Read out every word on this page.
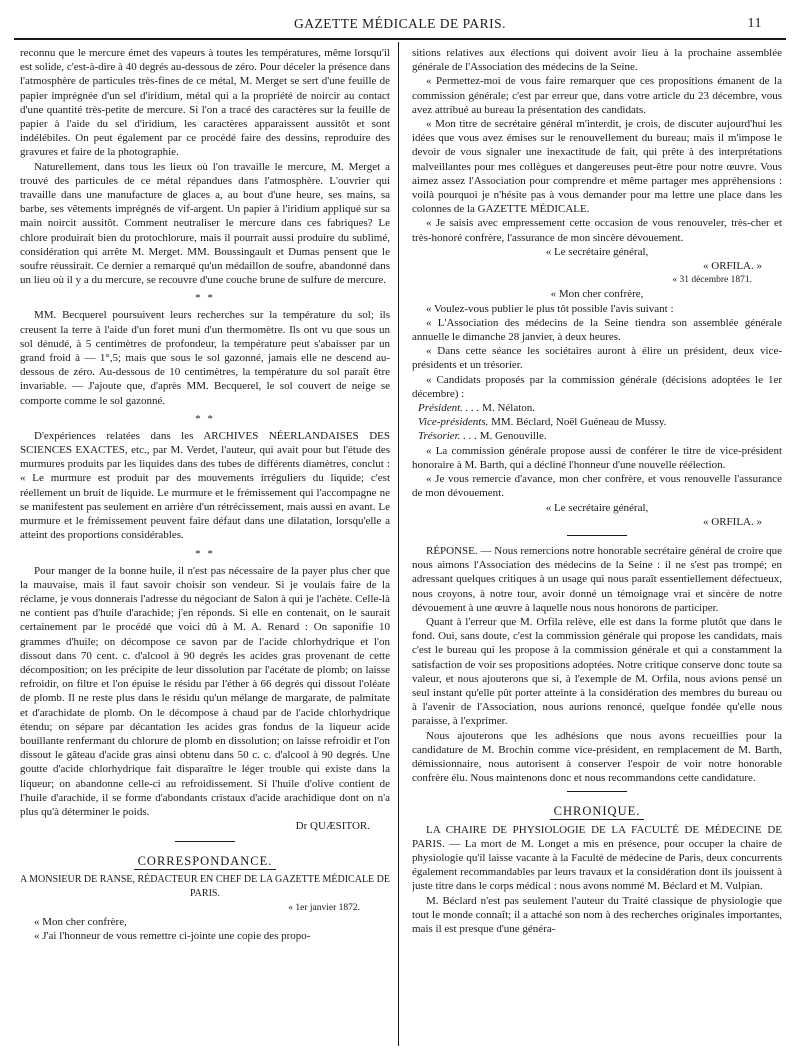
GAZETTE MÉDICALE DE PARIS.	11

reconnu que le mercure émet des vapeurs à toutes les températures, même lorsqu'il est solide, c'est-à-dire à 40 degrés au-dessous de zéro. Pour déceler la présence dans l'atmosphère de particules très-fines de ce métal, M. Merget se sert d'une feuille de papier imprégnée d'un sel d'iridium, métal qui a la propriété de noircir au contact d'une quantité très-petite de mercure. Si l'on a tracé des caractères sur la feuille de papier à l'aide du sel d'iridium, les caractères apparaissent aussitôt et sont indélébiles. On peut également par ce procédé faire des dessins, reproduire des gravures et faire de la photographie.

Naturellement, dans tous les lieux où l'on travaille le mercure, M. Merget a trouvé des particules de ce métal répandues dans l'atmosphère. L'ouvrier qui travaille dans une manufacture de glaces a, au bout d'une heure, ses mains, sa barbe, ses vêtements imprégnés de vif-argent. Un papier à l'iridium appliqué sur sa main noircit aussitôt. Comment neutraliser le mercure dans ces fabriques? Le chlore produirait bien du protochlorure, mais il pourrait aussi produire du sublimé, considération qui arrête M. Merget. MM. Boussingault et Dumas pensent que le soufre réussirait. Ce dernier a remarqué qu'un médaillon de soufre, abandonné dans un lieu où il y a du mercure, se recouvre d'une couche brune de sulfure de mercure.

* *

MM. Becquerel poursuivent leurs recherches sur la température du sol; ils creusent la terre à l'aide d'un foret muni d'un thermomètre. Ils ont vu que sous un sol dénudé, à 5 centimètres de profondeur, la température peut s'abaisser par un grand froid à — 1°,5; mais que sous le sol gazonné, jamais elle ne descend au-dessous de zéro. Au-dessous de 10 centimètres, la température du sol paraît être invariable. — J'ajoute que, d'après MM. Becquerel, le sol couvert de neige se comporte comme le sol gazonné.

* *

D'expériences relatées dans les ARCHIVES NÉERLANDAISES DES SCIENCES EXACTES, etc., par M. Verdet, l'auteur, qui avait pour but l'étude des murmures produits par les liquides dans des tubes de différents diamètres, conclut : « Le murmure est produit par des mouvements irréguliers du liquide; c'est réellement un bruit de liquide. Le murmure et le frémissement qui l'accompagne ne se manifestent pas seulement en arrière d'un rétrécissement, mais aussi en avant. Le murmure et le frémissement peuvent faire défaut dans une dilatation, lorsqu'elle a atteint des proportions considérables.

* *

Pour manger de la bonne huile, il n'est pas nécessaire de la payer plus cher que la mauvaise, mais il faut savoir choisir son vendeur. Si je voulais faire de la réclame, je vous donnerais l'adresse du négociant de Salon à qui je l'achète. Celle-là ne contient pas d'huile d'arachide; j'en réponds. Si elle en contenait, on le saurait certainement par le procédé que voici dû à M. A. Renard : On saponifie 10 grammes d'huile; on décompose ce savon par de l'acide chlorhydrique et l'on dissout dans 70 cent. c. d'alcool à 90 degrés les acides gras provenant de cette décomposition; on les précipite de leur dissolution par l'acétate de plomb; on laisse refroidir, on filtre et l'on épuise le résidu par l'éther à 66 degrés qui dissout l'oléate de plomb. Il ne reste plus dans le résidu qu'un mélange de margarate, de palmitate et d'arachidate de plomb. On le décompose à chaud par de l'acide chlorhydrique étendu; on sépare par décantation les acides gras fondus de la liqueur acide bouillante renfermant du chlorure de plomb en dissolution; on laisse refroidir et l'on dissout le gâteau d'acide gras ainsi obtenu dans 50 c. c. d'alcool à 90 degrés. Une goutte d'acide chlorhydrique fait disparaître le léger trouble qui existe dans la liqueur; on abandonne celle-ci au refroidissement. Si l'huile d'olive contient de l'huile d'arachide, il se forme d'abondants cristaux d'acide arachidique dont on n'a plus qu'à déterminer le poids.

Dr QUÆSITOR.

CORRESPONDANCE.

A MONSIEUR DE RANSE, RÉDACTEUR EN CHEF DE LA GAZETTE MÉDICALE DE PARIS.

« 1er janvier 1872.

« Mon cher confrère,

« J'ai l'honneur de vous remettre ci-jointe une copie des propo-

sitions relatives aux élections qui doivent avoir lieu à la prochaine assemblée générale de l'Association des médecins de la Seine.

« Permettez-moi de vous faire remarquer que ces propositions émanent de la commission générale; c'est par erreur que, dans votre article du 23 décembre, vous avez attribué au bureau la présentation des candidats.

« Mon titre de secrétaire général m'interdit, je crois, de discuter aujourd'hui les idées que vous avez émises sur le renouvellement du bureau; mais il m'impose le devoir de vous signaler une inexactitude de fait, qui prête à des interprétations malveillantes pour mes collègues et dangereuses peut-être pour notre œuvre. Vous aimez assez l'Association pour comprendre et même partager mes appréhensions : voilà pourquoi je n'hésite pas à vous demander pour ma lettre une place dans les colonnes de la GAZETTE MÉDICALE.

« Je saisis avec empressement cette occasion de vous renouveler, très-cher et très-honoré confrère, l'assurance de mon sincère dévouement.

« Le secrétaire général,

« ORFILA. »

« 31 décembre 1871.

« Mon cher confrère,

« Voulez-vous publier le plus tôt possible l'avis suivant :

« L'Association des médecins de la Seine tiendra son assemblée générale annuelle le dimanche 28 janvier, à deux heures.

« Dans cette séance les sociétaires auront à élire un président, deux vice-présidents et un trésorier.

« Candidats proposés par la commission générale (décisions adoptées le 1er décembre) :

Président. . . . M. Nélaton.
Vice-présidents. MM. Béclard, Noël Guéneau de Mussy.
Trésorier. . . . M. Genouville.

« La commission générale propose aussi de conférer le titre de vice-président honoraire à M. Barth, qui a décliné l'honneur d'une nouvelle réélection.

« Je vous remercie d'avance, mon cher confrère, et vous renouvelle l'assurance de mon dévouement.

« Le secrétaire général,

« ORFILA. »

RÉPONSE. — Nous remercions notre honorable secrétaire général de croire que nous aimons l'Association des médecins de la Seine : il ne s'est pas trompé; en adressant quelques critiques à un usage qui nous paraît essentiellement défectueux, nous croyons, à notre tour, avoir donné un témoignage vrai et sincère de notre dévouement à une œuvre à laquelle nous nous honorons de participer.

Quant à l'erreur que M. Orfila relève, elle est dans la forme plutôt que dans le fond. Oui, sans doute, c'est la commission générale qui propose les candidats, mais c'est le bureau qui les propose à la commission générale et qui a constamment la satisfaction de voir ses propositions adoptées. Notre critique conserve donc toute sa valeur, et nous ajouterons que si, à l'exemple de M. Orfila, nous avions pensé un seul instant qu'elle pût porter atteinte à la considération des membres du bureau ou à l'avenir de l'Association, nous aurions renoncé, quelque fondée qu'elle nous paraisse, à l'exprimer.

Nous ajouterons que les adhésions que nous avons recueillies pour la candidature de M. Brochin comme vice-président, en remplacement de M. Barth, démissionnaire, nous autorisent à conserver l'espoir de voir notre honorable confrère élu. Nous maintenons donc et nous recommandons cette candidature.

CHRONIQUE.

LA CHAIRE DE PHYSIOLOGIE DE LA FACULTÉ DE MÉDECINE DE PARIS. — La mort de M. Longet a mis en présence, pour occuper la chaire de physiologie qu'il laisse vacante à la Faculté de médecine de Paris, deux concurrents également recommandables par leurs travaux et la considération dont ils jouissent à juste titre dans le corps médical : nous avons nommé M. Béclard et M. Vulpian.

M. Béclard n'est pas seulement l'auteur du Traité classique de physiologie que tout le monde connaît; il a attaché son nom à des recherches originales importantes, mais il est presque d'une généra-
